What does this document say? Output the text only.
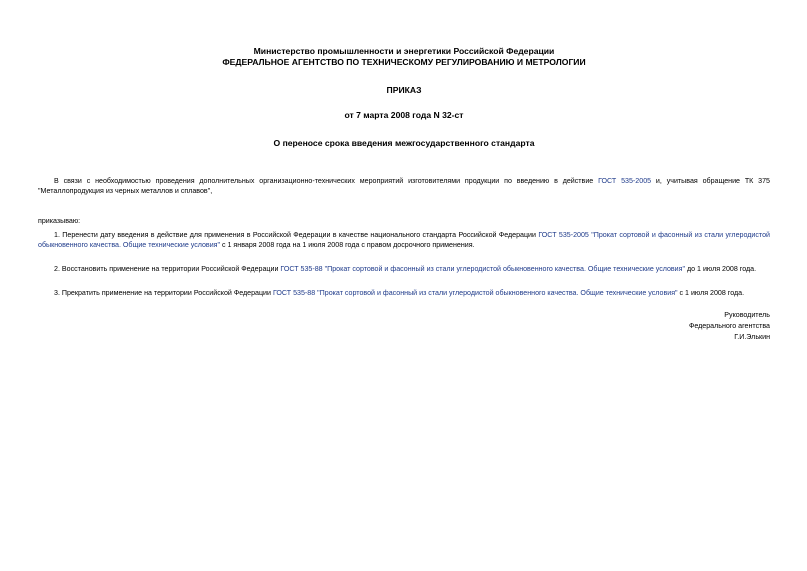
Министерство промышленности и энергетики Российской Федерации
ФЕДЕРАЛЬНОЕ АГЕНТСТВО ПО ТЕХНИЧЕСКОМУ РЕГУЛИРОВАНИЮ И МЕТРОЛОГИИ
ПРИКАЗ
от 7 марта 2008 года N 32-ст
О переносе срока введения межгосударственного стандарта

В связи с необходимостью проведения дополнительных организационно-технических мероприятий изготовителями продукции по введению в действие ГОСТ 535-2005 и, учитывая обращение ТК 375 "Металлопродукция из черных металлов и сплавов",

приказываю:

1. Перенести дату введения в действие для применения в Российской Федерации в качестве национального стандарта Российской Федерации ГОСТ 535-2005 "Прокат сортовой и фасонный из стали углеродистой обыкновенного качества. Общие технические условия" с 1 января 2008 года на 1 июля 2008 года с правом досрочного применения.

2. Восстановить применение на территории Российской Федерации ГОСТ 535-88 "Прокат сортовой и фасонный из стали углеродистой обыкновенного качества. Общие технические условия" до 1 июля 2008 года.

3. Прекратить применение на территории Российской Федерации ГОСТ 535-88 "Прокат сортовой и фасонный из стали углеродистой обыкновенного качества. Общие технические условия" с 1 июля 2008 года.

Руководитель
Федерального агентства
Г.И.Элькин
